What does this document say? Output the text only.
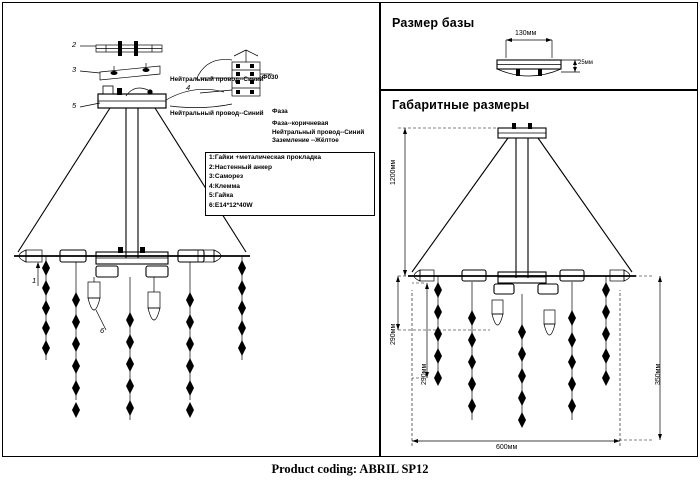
Размер базы
Габаритные размеры
2
3
5
4
1
6
Нейтральный провод--Синий
Нейтральный провод--Синий
Ф030
Фаза
Фаза--коричневая
Нейтральный провод--Синий
Заземление --Жёлтое
1:Гайки +металическая прокладка
2:Настенный анкер
3:Саморез
4:Клемма
5:Гайка
6:E14*12*40W
130мм
25мм
1200мм
290мм
290мм	350мм
600мм
Product coding: ABRIL SP12
